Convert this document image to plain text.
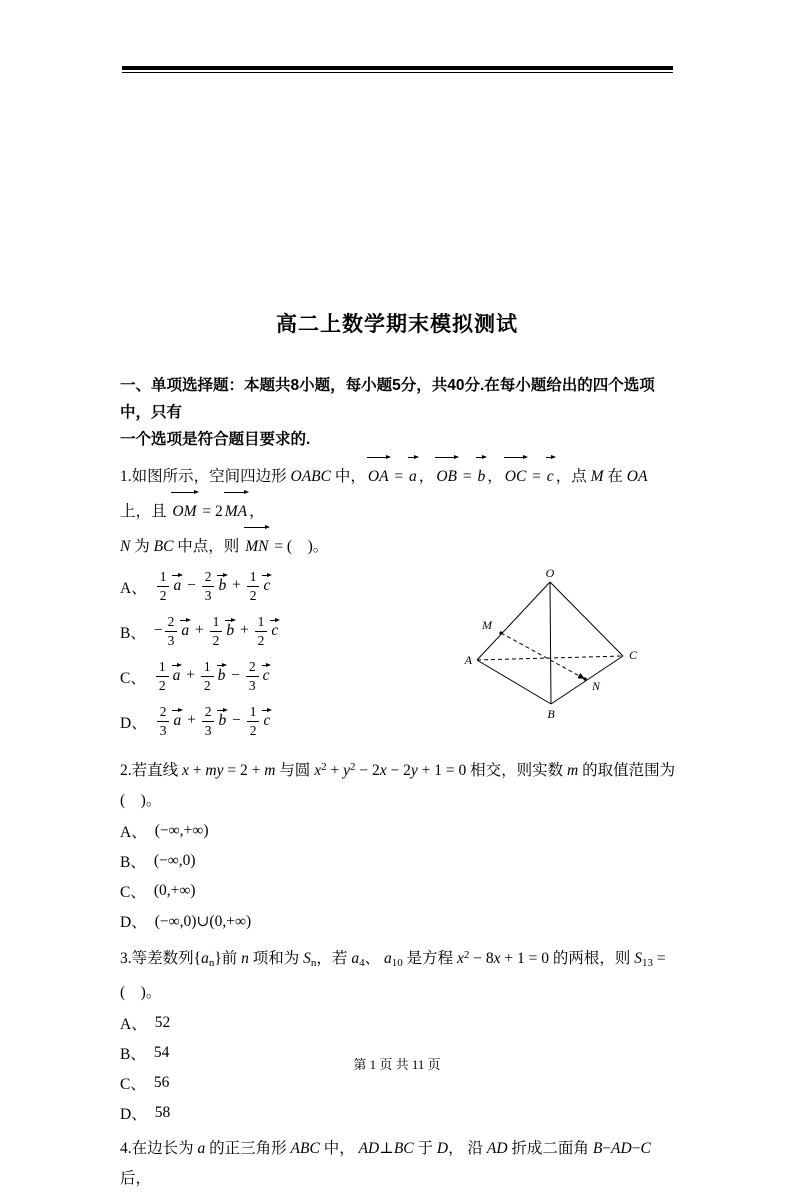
高二上数学期末模拟测试

一、单项选择题：本题共8小题，每小题5分，共40分.在每小题给出的四个选项中，只有
一个选项是符合题目要求的.

1.如图所示，空间四边形 OABC 中， OA = a ， OB = b ， OC = c ，点 M 在 OA 上，且 OM = 2 MA ，
N 为 BC 中点，则 MN = (　)。

A、 $\frac{1}{2}$ $a - \frac{2}{3}$ $b + \frac{1}{2}$ c
B、 − $\frac{2}{3}$ $a + \frac{1}{2}$ $b + \frac{1}{2}$ c
C、 $\frac{1}{2}$ $a + \frac{1}{2}$ $b - \frac{2}{3}$ c
D、 $\frac{2}{3}$ $a + \frac{2}{3}$ $b - \frac{1}{2}$ c
O
M
A	C
N
B

2.若直线 x + my = 2 + m 与圆 $x^2 + y^2 - 2x - 2y + 1 = 0$ 相交，则实数 m 的取值范围为(　)。

A、 (−∞,+∞)
B、 (−∞,0)
C、 (0,+∞)
D、 (−∞,0)∪(0,+∞)

3.等差数列$\{a_n\}$前 n 项和为 $S_n$，若 $a_4$、 $a_{10}$ 是方程 $x^2 - 8x + 1 = 0$ 的两根，则 $S_{13}$ = (　)。

A、 52
B、 54
C、 56
D、 58

4.在边长为 a 的正三角形 ABC 中， AD⊥BC 于 D， 沿 AD 折成二面角 B−AD−C 后，

第 1 页 共 11 页
